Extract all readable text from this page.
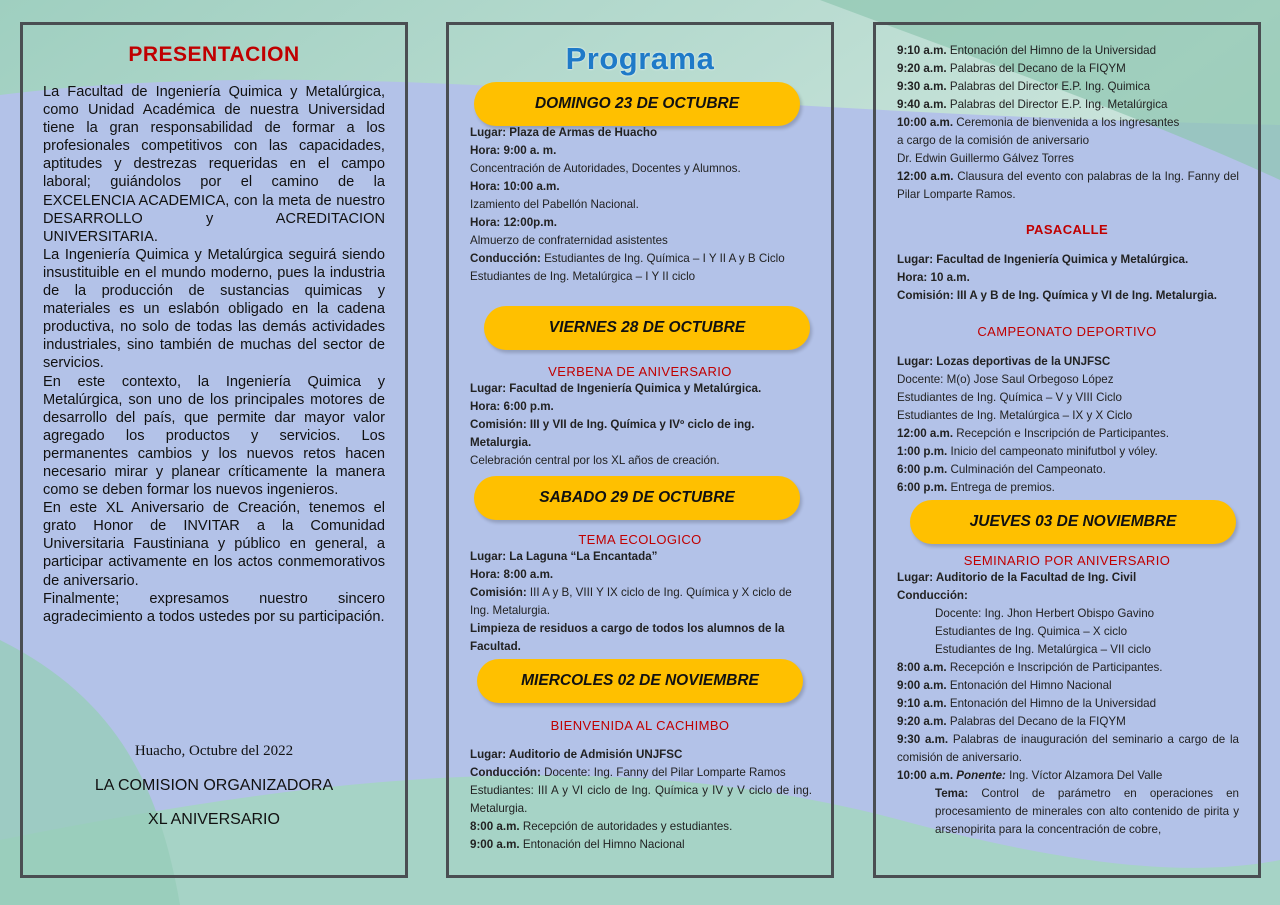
PRESENTACION

La Facultad de Ingeniería Quimica y Metalúrgica, como Unidad Académica de nuestra Universidad tiene la gran responsabilidad de formar a los profesionales competitivos con las capacidades, aptitudes y destrezas requeridas en el campo laboral; guiándolos por el camino de la EXCELENCIA ACADEMICA, con la meta de nuestro DESARROLLO y ACREDITACION UNIVERSITARIA.

La Ingeniería Quimica y Metalúrgica seguirá siendo insustituible en el mundo moderno, pues la industria de la producción de sustancias quimicas y materiales es un eslabón obligado en la cadena productiva, no solo de todas las demás actividades industriales, sino también de muchas del sector de servicios.

En este contexto, la Ingeniería Quimica y Metalúrgica, son uno de los principales motores de desarrollo del país, que permite dar mayor valor agregado los productos y servicios. Los permanentes cambios y los nuevos retos hacen necesario mirar y planear críticamente la manera como se deben formar los nuevos ingenieros.

En este XL Aniversario de Creación, tenemos el grato Honor de INVITAR a la Comunidad Universitaria Faustiniana y público en general, a participar activamente en los actos conmemorativos de aniversario.

Finalmente; expresamos nuestro sincero agradecimiento a todos ustedes por su participación.

Huacho, Octubre del 2022
LA COMISION ORGANIZADORA
XL ANIVERSARIO
Programa
DOMINGO 23 DE OCTUBRE
Lugar: Plaza de Armas de Huacho
Hora: 9:00 a. m.
Concentración de Autoridades, Docentes y Alumnos.
Hora: 10:00 a.m.
Izamiento del Pabellón Nacional.
Hora: 12:00p.m.
Almuerzo de confraternidad asistentes
Conducción: Estudiantes de Ing. Química – I Y II A y B Ciclo
Estudiantes de Ing. Metalúrgica – I Y II ciclo
VIERNES 28 DE OCTUBRE
VERBENA DE ANIVERSARIO
Lugar: Facultad de Ingeniería Quimica y Metalúrgica.
Hora: 6:00 p.m.
Comisión: III y VII de Ing. Química y IVº ciclo de ing. Metalurgia.
Celebración central por los XL años de creación.
SABADO 29 DE OCTUBRE
TEMA ECOLOGICO
Lugar: La Laguna “La Encantada”
Hora: 8:00 a.m.
Comisión: III A y B, VIII Y IX ciclo de Ing. Química y X ciclo de Ing. Metalurgia.
Limpieza de residuos a cargo de todos los alumnos de la Facultad.
MIERCOLES 02 DE NOVIEMBRE
BIENVENIDA AL CACHIMBO
Lugar: Auditorio de Admisión UNJFSC
Conducción: Docente: Ing. Fanny del Pilar Lomparte Ramos
Estudiantes: III A y VI ciclo de Ing. Química y IV y V ciclo de ing. Metalurgia.
8:00 a.m. Recepción de autoridades y estudiantes.
9:00 a.m. Entonación del Himno Nacional
9:10 a.m. Entonación del Himno de la Universidad
9:20 a.m. Palabras del Decano de la FIQYM
9:30 a.m. Palabras del Director E.P. Ing. Quimica
9:40 a.m. Palabras del Director E.P. Ing. Metalúrgica
10:00 a.m. Ceremonia de bienvenida a los ingresantes
a cargo de la comisión de aniversario
Dr. Edwin Guillermo Gálvez Torres
12:00 a.m. Clausura del evento con palabras de la Ing. Fanny del Pilar Lomparte Ramos.
PASACALLE
Lugar: Facultad de Ingeniería Quimica y Metalúrgica.
Hora: 10 a.m.
Comisión: III A y B de Ing. Química y VI de Ing. Metalurgia.
CAMPEONATO DEPORTIVO
Lugar: Lozas deportivas de la UNJFSC
Docente: M(o) Jose Saul Orbegoso López
Estudiantes de Ing. Química – V y VIII Ciclo
Estudiantes de Ing. Metalúrgica – IX y X Ciclo
12:00 a.m. Recepción e Inscripción de Participantes.
1:00 p.m. Inicio del campeonato minifutbol y vóley.
6:00 p.m. Culminación del Campeonato.
6:00 p.m. Entrega de premios.
JUEVES 03 DE NOVIEMBRE
SEMINARIO POR ANIVERSARIO
Lugar: Auditorio de la Facultad de Ing. Civil
Conducción:
Docente: Ing. Jhon Herbert Obispo Gavino
Estudiantes de Ing. Quimica – X ciclo
Estudiantes de Ing. Metalúrgica – VII ciclo
8:00 a.m. Recepción e Inscripción de Participantes.
9:00 a.m. Entonación del Himno Nacional
9:10 a.m. Entonación del Himno de la Universidad
9:20 a.m. Palabras del Decano de la FIQYM
9:30 a.m. Palabras de inauguración del seminario a cargo de la comisión de aniversario.
10:00 a.m. Ponente: Ing. Víctor Alzamora Del Valle
Tema: Control de parámetro en operaciones en procesamiento de minerales con alto contenido de pirita y arsenopirita para la concentración de cobre,
